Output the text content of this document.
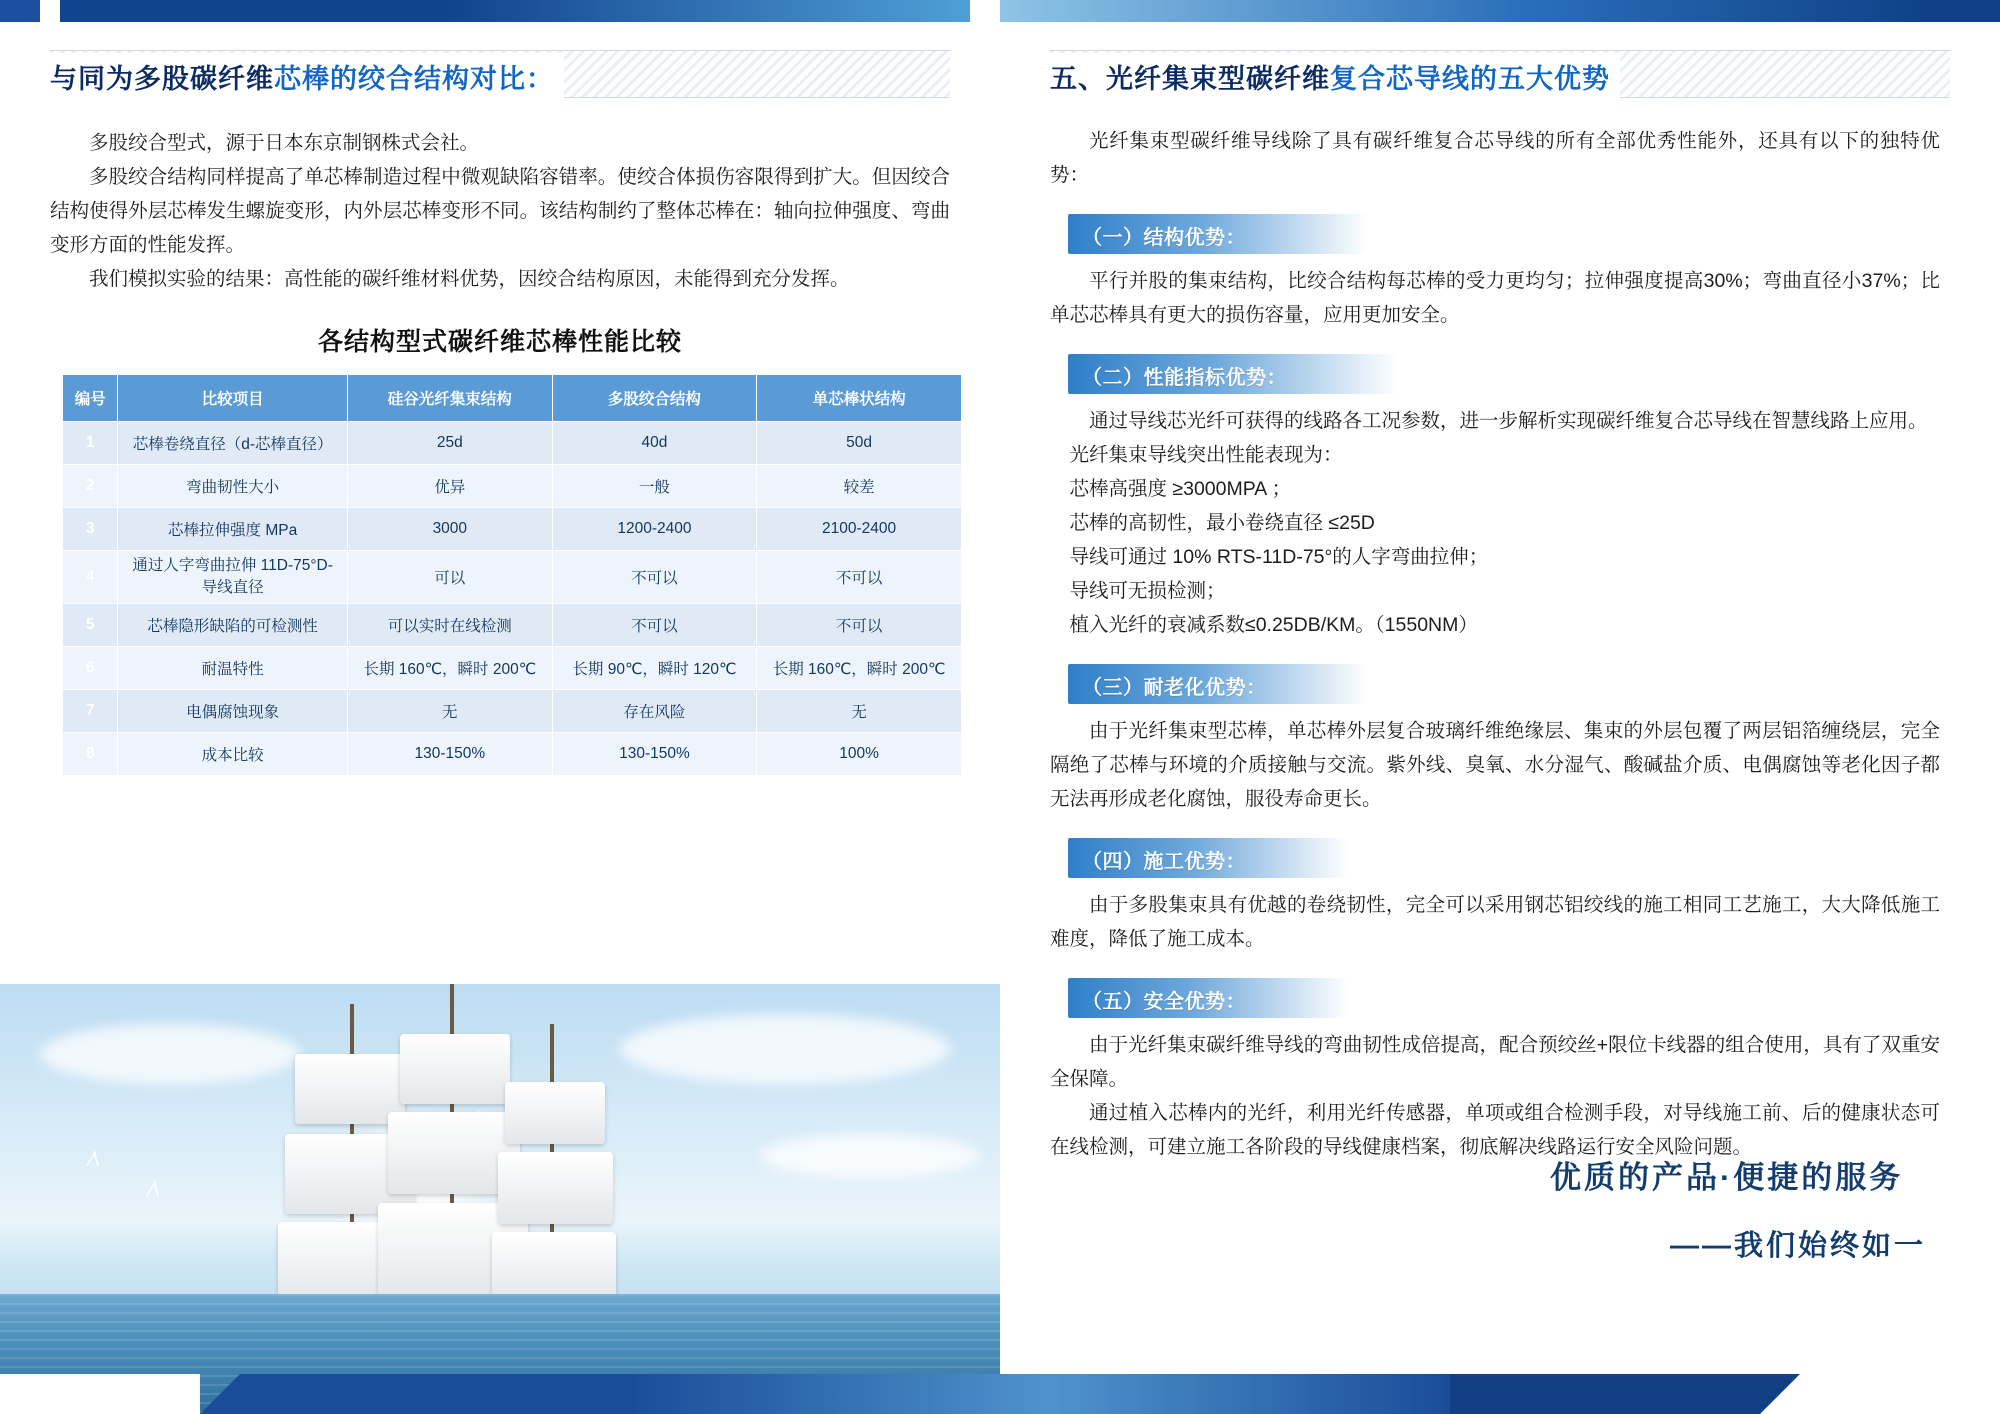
与同为多股碳纤维芯棒的绞合结构对比：

多股绞合型式，源于日本东京制钢株式会社。

多股绞合结构同样提高了单芯棒制造过程中微观缺陷容错率。使绞合体损伤容限得到扩大。但因绞合结构使得外层芯棒发生螺旋变形，内外层芯棒变形不同。该结构制约了整体芯棒在：轴向拉伸强度、弯曲变形方面的性能发挥。

我们模拟实验的结果：高性能的碳纤维材料优势，因绞合结构原因，未能得到充分发挥。

各结构型式碳纤维芯棒性能比较
编号	比较项目	硅谷光纤集束结构	多股绞合结构	单芯棒状结构
1	芯棒卷绕直径（d-芯棒直径）	25d	40d	50d
2	弯曲韧性大小	优异	一般	较差
3	芯棒拉伸强度 MPa	3000	1200-2400	2100-2400
4	通过人字弯曲拉伸 11D-75°D-导线直径	可以	不可以	不可以
5	芯棒隐形缺陷的可检测性	可以实时在线检测	不可以	不可以
6	耐温特性	长期 160℃，瞬时 200℃	长期 90℃，瞬时 120℃	长期 160℃，瞬时 200℃
7	电偶腐蚀现象	无	存在风险	无
8	成本比较	130-150%	130-150%	100%
⁄\
⁄\
五、光纤集束型碳纤维复合芯导线的五大优势

光纤集束型碳纤维导线除了具有碳纤维复合芯导线的所有全部优秀性能外，还具有以下的独特优势：

（一）结构优势：

平行并股的集束结构，比绞合结构每芯棒的受力更均匀；拉伸强度提高30%；弯曲直径小37%；比单芯芯棒具有更大的损伤容量，应用更加安全。

（二）性能指标优势：

通过导线芯光纤可获得的线路各工况参数，进一步解析实现碳纤维复合芯导线在智慧线路上应用。

光纤集束导线突出性能表现为：
芯棒高强度 ≥3000MPA ；
芯棒的高韧性，最小卷绕直径 ≤25D
导线可通过 10% RTS-11D-75°的人字弯曲拉伸；
导线可无损检测；
植入光纤的衰减系数≤0.25DB/KM。（1550NM）
（三）耐老化优势：

由于光纤集束型芯棒，单芯棒外层复合玻璃纤维绝缘层、集束的外层包覆了两层铝箔缠绕层，完全隔绝了芯棒与环境的介质接触与交流。紫外线、臭氧、水分湿气、酸碱盐介质、电偶腐蚀等老化因子都无法再形成老化腐蚀，服役寿命更长。

（四）施工优势：

由于多股集束具有优越的卷绕韧性，完全可以采用钢芯铝绞线的施工相同工艺施工，大大降低施工难度，降低了施工成本。

（五）安全优势：

由于光纤集束碳纤维导线的弯曲韧性成倍提高，配合预绞丝+限位卡线器的组合使用，具有了双重安全保障。

通过植入芯棒内的光纤，利用光纤传感器，单项或组合检测手段，对导线施工前、后的健康状态可在线检测，可建立施工各阶段的导线健康档案，彻底解决线路运行安全风险问题。

优质的产品·便捷的服务
——我们始终如一
